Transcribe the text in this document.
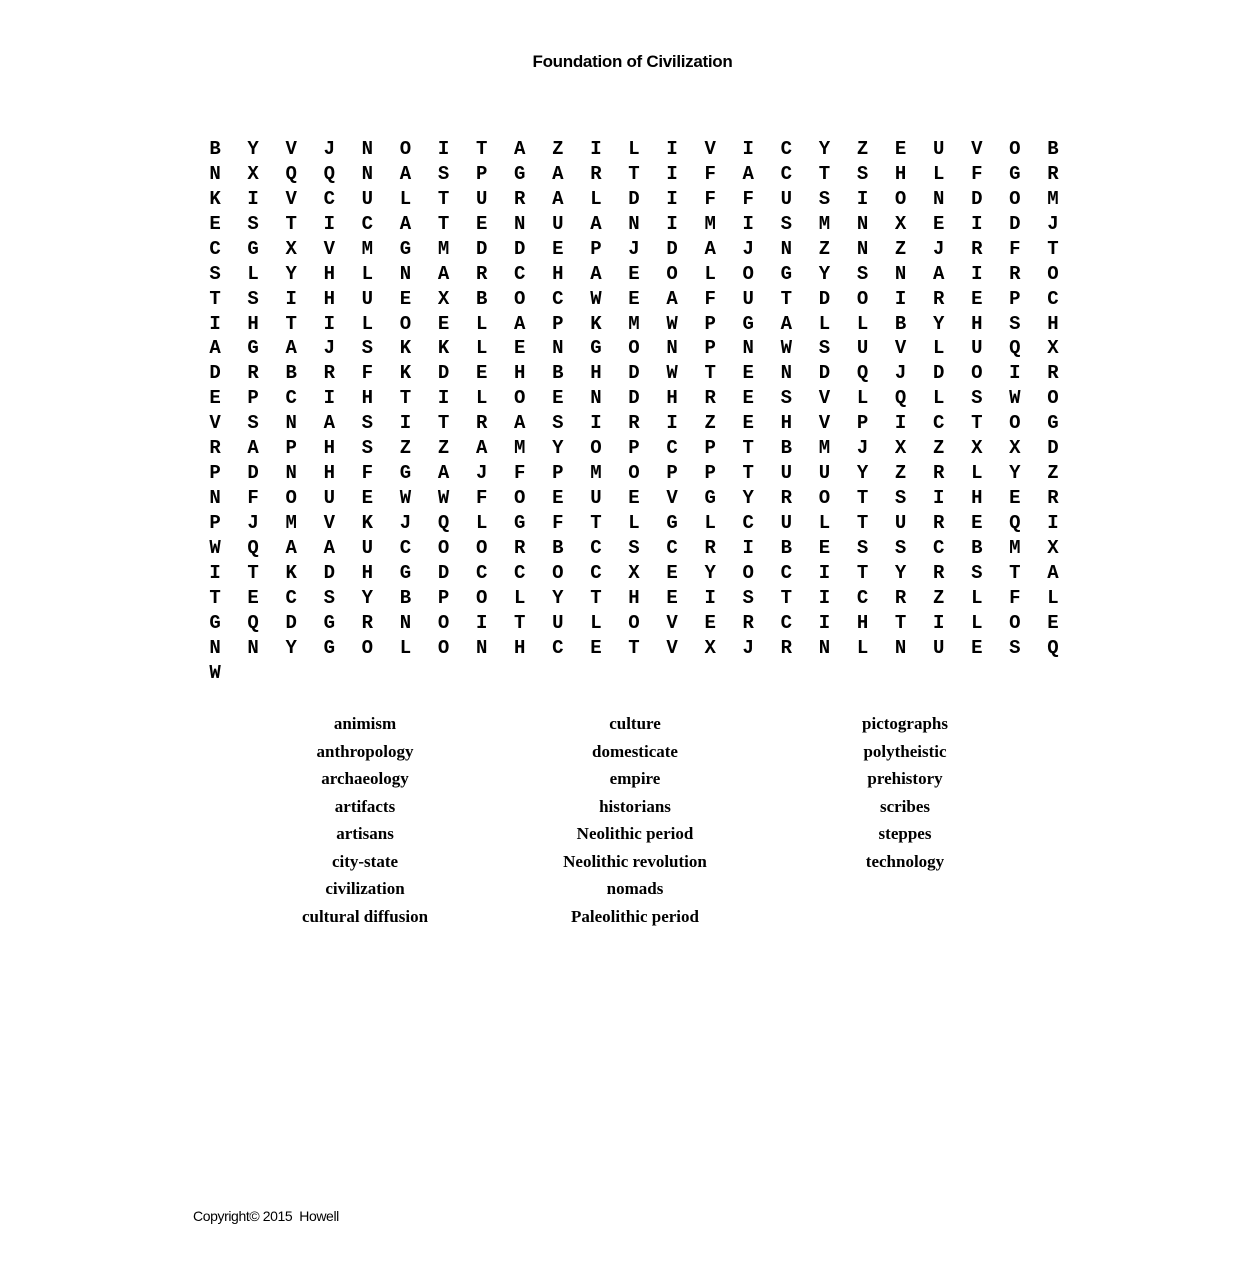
Foundation of Civilization
B	Y	V	J	N	O	I	T	A	Z	I	L	I	V	I	C	Y	Z	E	U	V	O	B
N	X	Q	Q	N	A	S	P	G	A	R	T	I	F	A	C	T	S	H	L	F	G	R
K	I	V	C	U	L	T	U	R	A	L	D	I	F	F	U	S	I	O	N	D	O	M
E	S	T	I	C	A	T	E	N	U	A	N	I	M	I	S	M	N	X	E	I	D	J
C	G	X	V	M	G	M	D	D	E	P	J	D	A	J	N	Z	N	Z	J	R	F	T
S	L	Y	H	L	N	A	R	C	H	A	E	O	L	O	G	Y	S	N	A	I	R	O
T	S	I	H	U	E	X	B	O	C	W	E	A	F	U	T	D	O	I	R	E	P	C
I	H	T	I	L	O	E	L	A	P	K	M	W	P	G	A	L	L	B	Y	H	S	H
A	G	A	J	S	K	K	L	E	N	G	O	N	P	N	W	S	U	V	L	U	Q	X
D	R	B	R	F	K	D	E	H	B	H	D	W	T	E	N	D	Q	J	D	O	I	R
E	P	C	I	H	T	I	L	O	E	N	D	H	R	E	S	V	L	Q	L	S	W	O
V	S	N	A	S	I	T	R	A	S	I	R	I	Z	E	H	V	P	I	C	T	O	G
R	A	P	H	S	Z	Z	A	M	Y	O	P	C	P	T	B	M	J	X	Z	X	X	D
P	D	N	H	F	G	A	J	F	P	M	O	P	P	T	U	U	Y	Z	R	L	Y	Z
N	F	O	U	E	W	W	F	O	E	U	E	V	G	Y	R	O	T	S	I	H	E	R
P	J	M	V	K	J	Q	L	G	F	T	L	G	L	C	U	L	T	U	R	E	Q	I
W	Q	A	A	U	C	O	O	R	B	C	S	C	R	I	B	E	S	S	C	B	M	X
I	T	K	D	H	G	D	C	C	O	C	X	E	Y	O	C	I	T	Y	R	S	T	A
T	E	C	S	Y	B	P	O	L	Y	T	H	E	I	S	T	I	C	R	Z	L	F	L
G	Q	D	G	R	N	O	I	T	U	L	O	V	E	R	C	I	H	T	I	L	O	E
N	N	Y	G	O	L	O	N	H	C	E	T	V	X	J	R	N	L	N	U	E	S	Q
W
animism
anthropology
archaeology
artifacts
artisans
city-state
civilization
cultural diffusion
culture
domesticate
empire
historians
Neolithic period
Neolithic revolution
nomads
Paleolithic period
pictographs
polytheistic
prehistory
scribes
steppes
technology
Copyright© 2015  Howell
